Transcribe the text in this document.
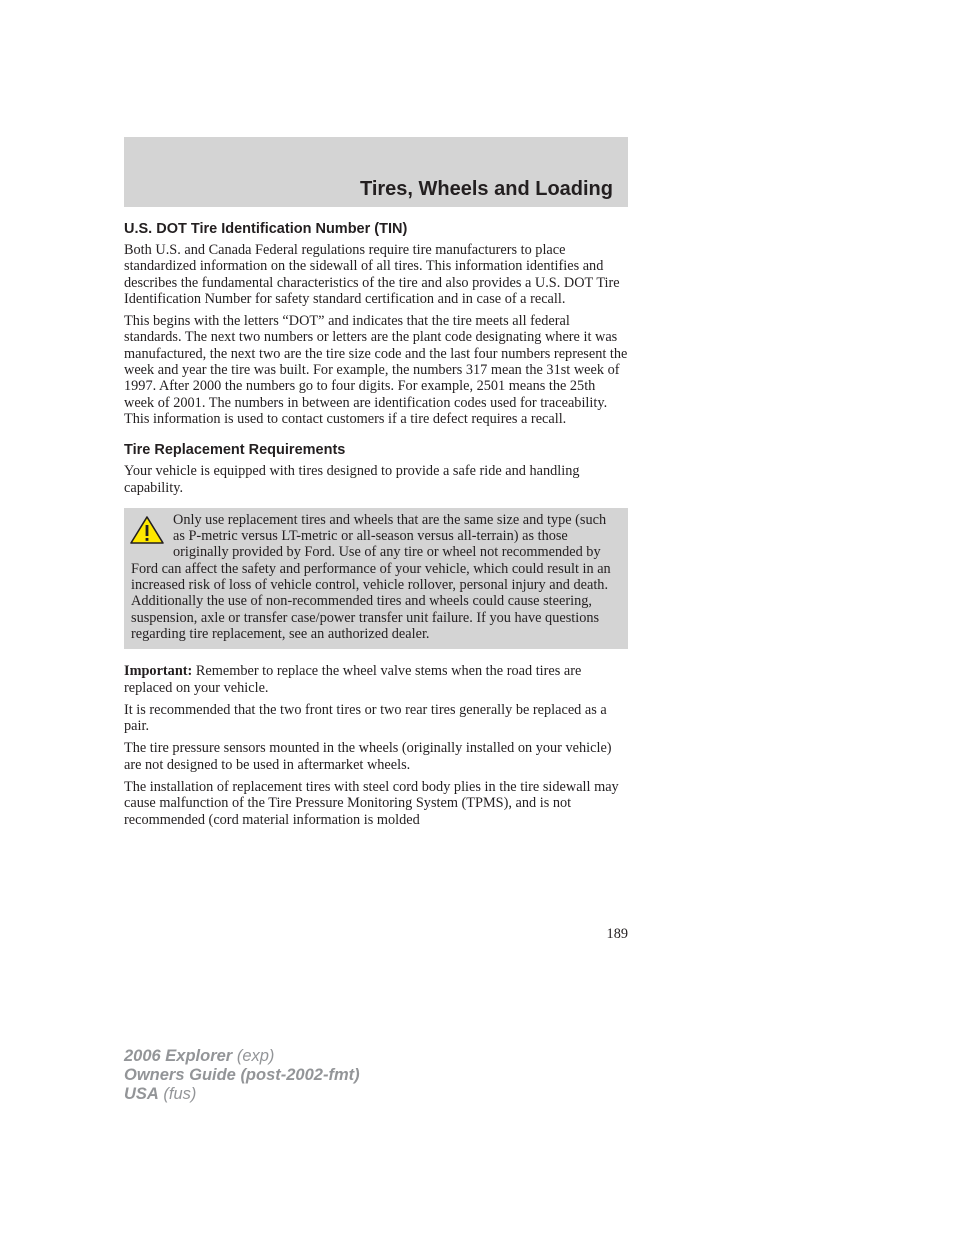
Tires, Wheels and Loading
U.S. DOT Tire Identification Number (TIN)

Both U.S. and Canada Federal regulations require tire manufacturers to place standardized information on the sidewall of all tires. This information identifies and describes the fundamental characteristics of the tire and also provides a U.S. DOT Tire Identification Number for safety standard certification and in case of a recall.

This begins with the letters “DOT” and indicates that the tire meets all federal standards. The next two numbers or letters are the plant code designating where it was manufactured, the next two are the tire size code and the last four numbers represent the week and year the tire was built. For example, the numbers 317 mean the 31st week of 1997. After 2000 the numbers go to four digits. For example, 2501 means the 25th week of 2001. The numbers in between are identification codes used for traceability. This information is used to contact customers if a tire defect requires a recall.

Tire Replacement Requirements

Your vehicle is equipped with tires designed to provide a safe ride and handling capability.

Only use replacement tires and wheels that are the same size and type (such as P-metric versus LT-metric or all-season versus all-terrain) as those originally provided by Ford. Use of any tire or wheel not recommended by Ford can affect the safety and performance of your vehicle, which could result in an increased risk of loss of vehicle control, vehicle rollover, personal injury and death. Additionally the use of non-recommended tires and wheels could cause steering, suspension, axle or transfer case/power transfer unit failure. If you have questions regarding tire replacement, see an authorized dealer.

Important: Remember to replace the wheel valve stems when the road tires are replaced on your vehicle.

It is recommended that the two front tires or two rear tires generally be replaced as a pair.

The tire pressure sensors mounted in the wheels (originally installed on your vehicle) are not designed to be used in aftermarket wheels.

The installation of replacement tires with steel cord body plies in the tire sidewall may cause malfunction of the Tire Pressure Monitoring System (TPMS), and is not recommended (cord material information is molded

189
2006 Explorer (exp)
Owners Guide (post-2002-fmt)
USA (fus)
